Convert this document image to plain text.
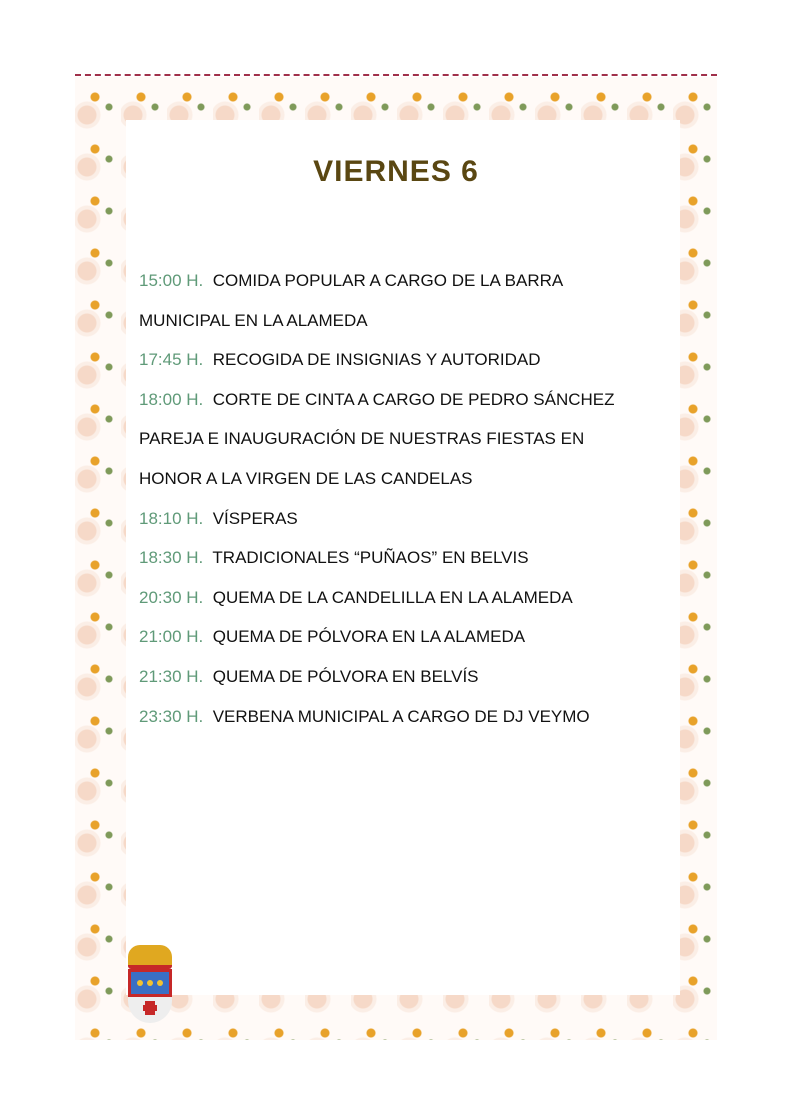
VIERNES 6
15:00 H. COMIDA POPULAR A CARGO DE LA BARRA
MUNICIPAL EN LA ALAMEDA
17:45 H. RECOGIDA DE INSIGNIAS Y AUTORIDAD
18:00 H. CORTE DE CINTA A CARGO DE PEDRO SÁNCHEZ
PAREJA E INAUGURACIÓN DE NUESTRAS FIESTAS EN
HONOR A LA VIRGEN DE LAS CANDELAS
18:10 H. VÍSPERAS
18:30 H. TRADICIONALES “PUÑAOS” EN BELVIS
20:30 H. QUEMA DE LA CANDELILLA EN LA ALAMEDA
21:00 H. QUEMA DE PÓLVORA EN LA ALAMEDA
21:30 H. QUEMA DE PÓLVORA EN BELVÍS
23:30 H. VERBENA MUNICIPAL A CARGO DE DJ VEYMO
